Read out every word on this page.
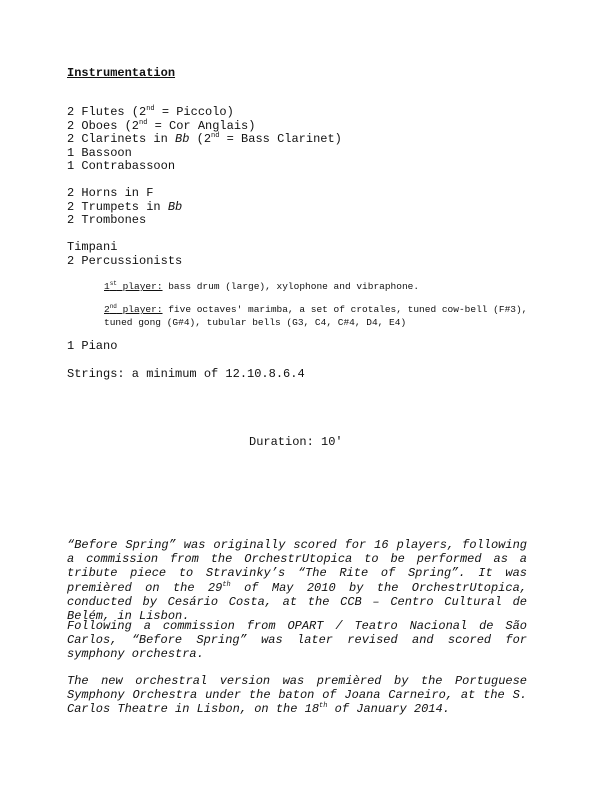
Instrumentation
2 Flutes (2nd = Piccolo)
2 Oboes (2nd = Cor Anglais)
2 Clarinets in Bb (2nd = Bass Clarinet)
1 Bassoon
1 Contrabassoon
2 Horns in F
2 Trumpets in Bb
2 Trombones
Timpani
2 Percussionists
1st player: bass drum (large), xylophone and vibraphone.
2nd player: five octaves' marimba, a set of crotales, tuned cow-bell (F#3), tuned gong (G#4), tubular bells (G3, C4, C#4, D4, E4)
1 Piano
Strings: a minimum of 12.10.8.6.4
Duration: 10'
“Before Spring” was originally scored for 16 players, following a commission from the OrchestrUtopica to be performed as a tribute piece to Stravinky’s “The Rite of Spring”. It was premièred on the 29th of May 2010 by the OrchestrUtopica, conducted by Cesário Costa, at the CCB – Centro Cultural de Belém, in Lisbon.
Following a commission from OPART / Teatro Nacional de São Carlos, “Before Spring” was later revised and scored for symphony orchestra.
The new orchestral version was premièred by the Portuguese Symphony Orchestra under the baton of Joana Carneiro, at the S. Carlos Theatre in Lisbon, on the 18th of January 2014.
